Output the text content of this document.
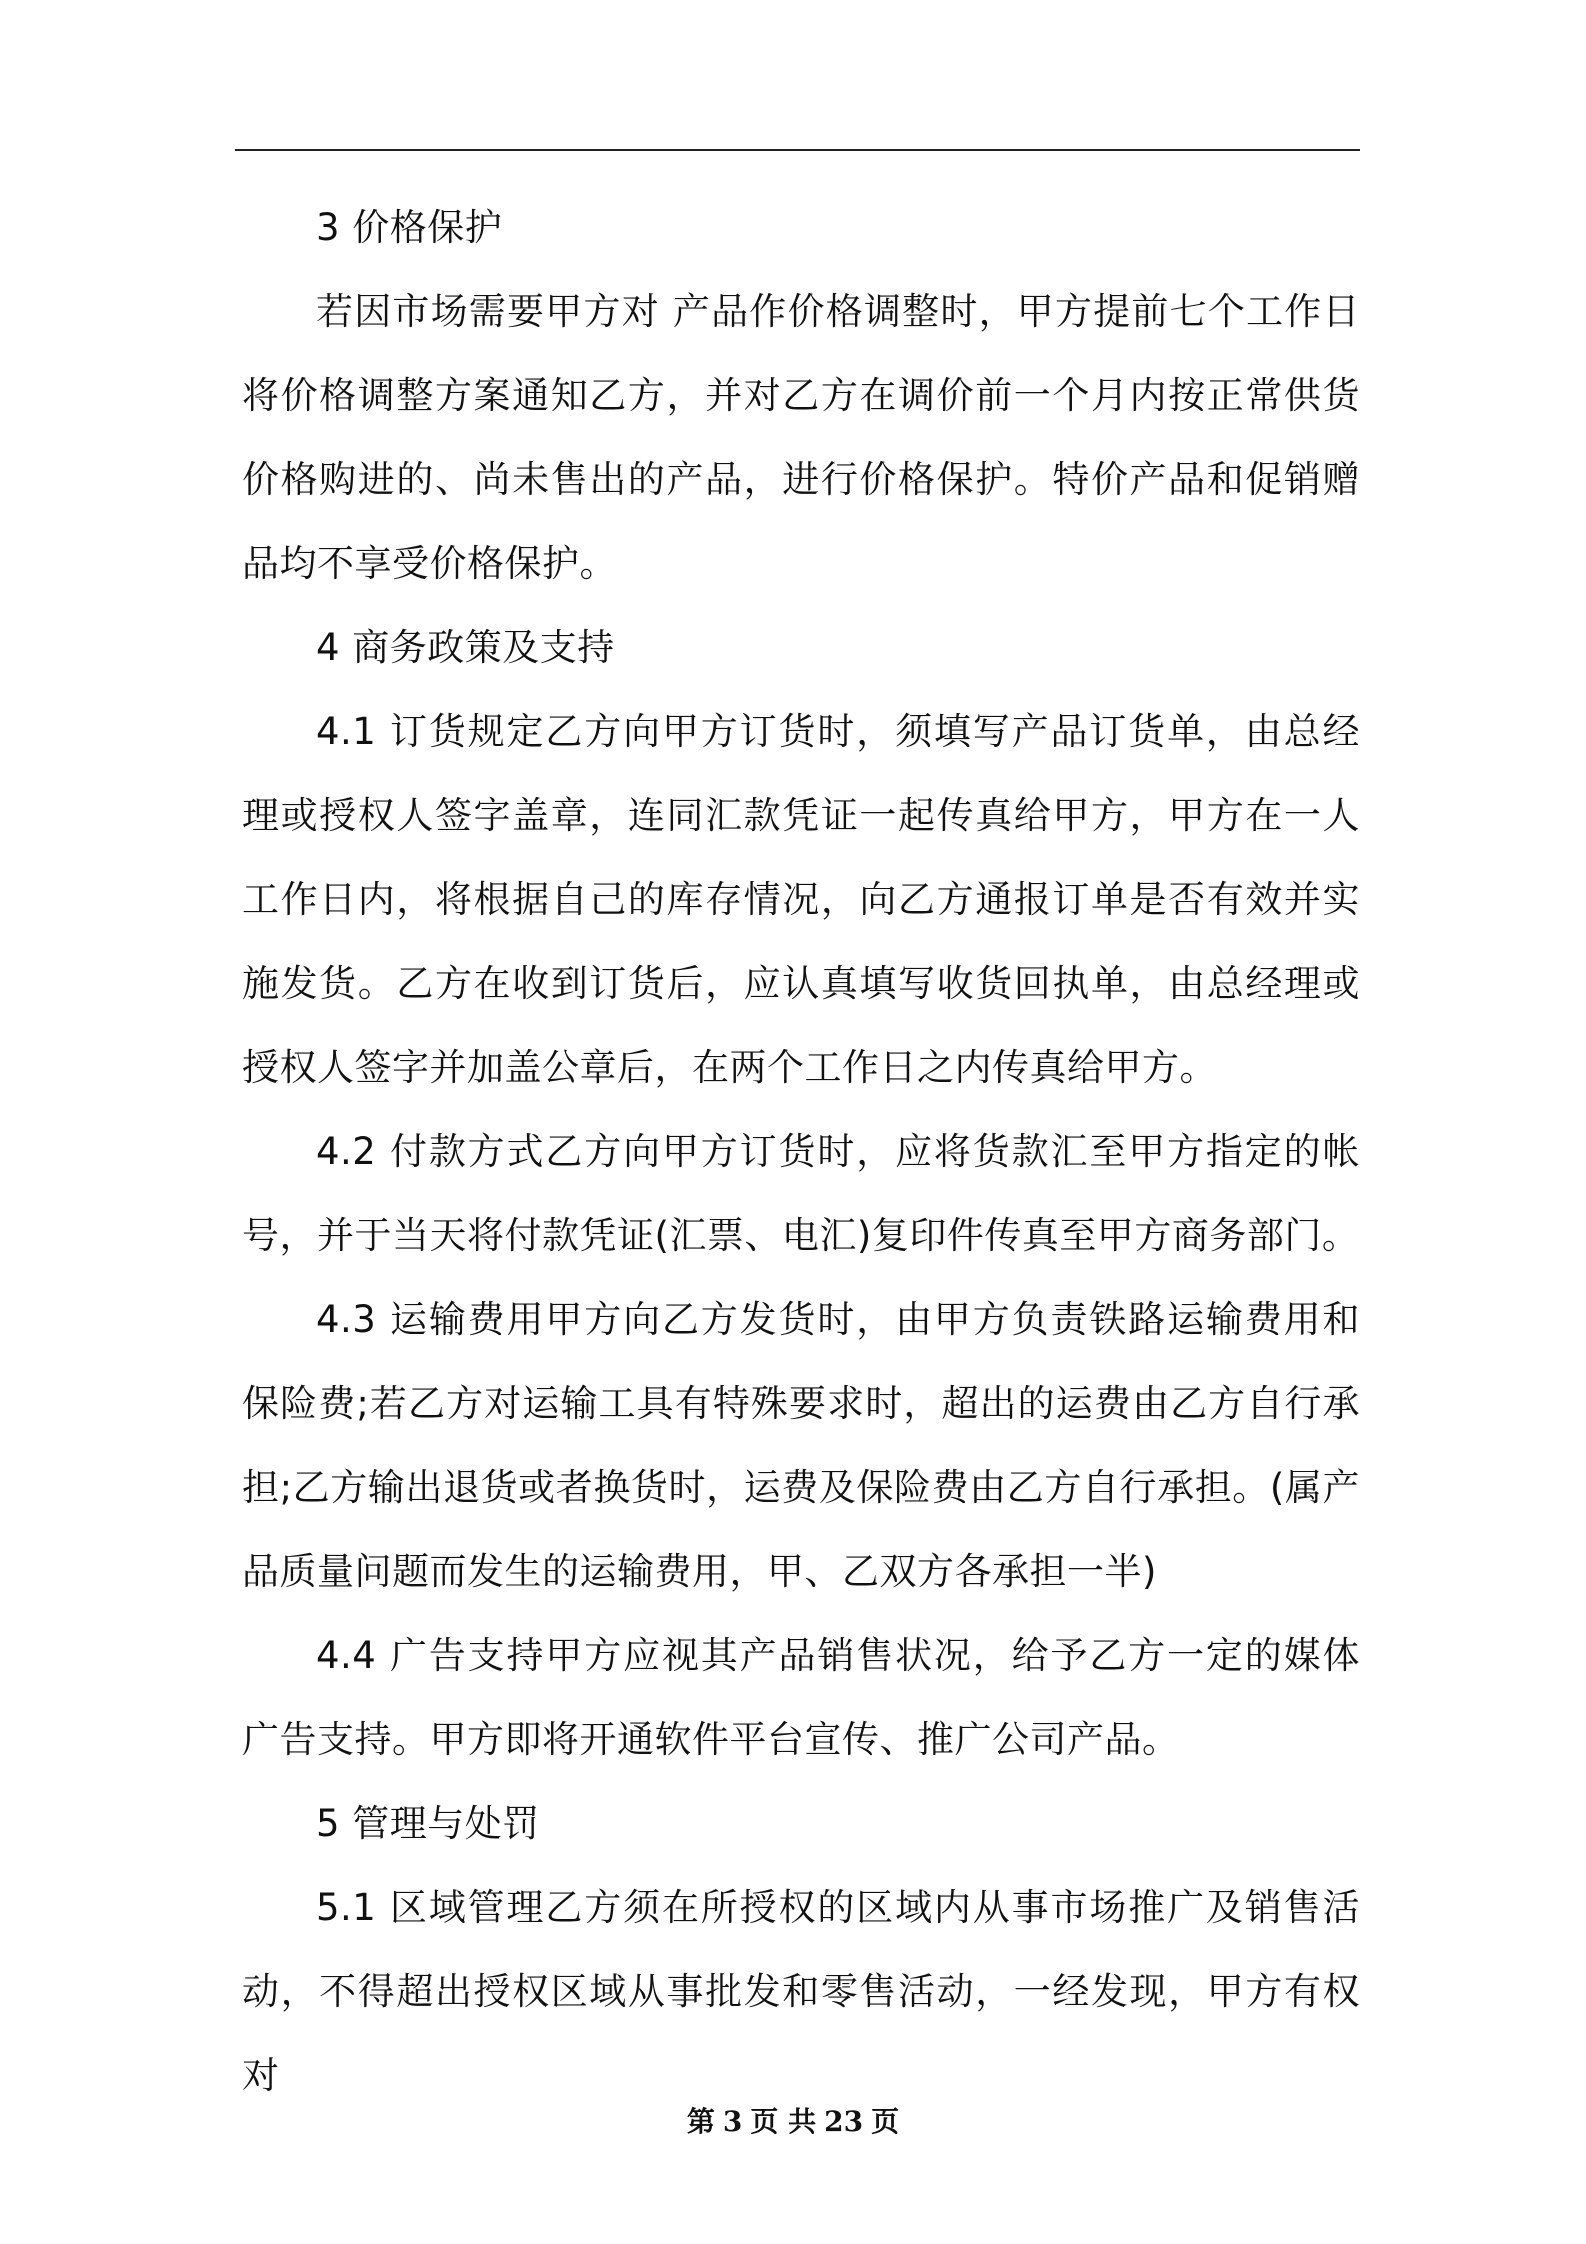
3 价格保护

若因市场需要甲方对 产品作价格调整时，甲方提前七个工作日将价格调整方案通知乙方，并对乙方在调价前一个月内按正常供货价格购进的、尚未售出的产品，进行价格保护。特价产品和促销赠品均不享受价格保护。

4 商务政策及支持

4.1 订货规定乙方向甲方订货时，须填写产品订货单，由总经理或授权人签字盖章，连同汇款凭证一起传真给甲方，甲方在一人工作日内，将根据自己的库存情况，向乙方通报订单是否有效并实施发货。乙方在收到订货后，应认真填写收货回执单，由总经理或授权人签字并加盖公章后，在两个工作日之内传真给甲方。

4.2 付款方式乙方向甲方订货时，应将货款汇至甲方指定的帐号，并于当天将付款凭证(汇票、电汇)复印件传真至甲方商务部门。

4.3 运输费用甲方向乙方发货时，由甲方负责铁路运输费用和保险费;若乙方对运输工具有特殊要求时，超出的运费由乙方自行承担;乙方输出退货或者换货时，运费及保险费由乙方自行承担。(属产品质量问题而发生的运输费用，甲、乙双方各承担一半)

4.4 广告支持甲方应视其产品销售状况，给予乙方一定的媒体广告支持。甲方即将开通软件平台宣传、推广公司产品。

5 管理与处罚

5.1 区域管理乙方须在所授权的区域内从事市场推广及销售活动，不得超出授权区域从事批发和零售活动，一经发现，甲方有权对

第 3 页 共 23 页
